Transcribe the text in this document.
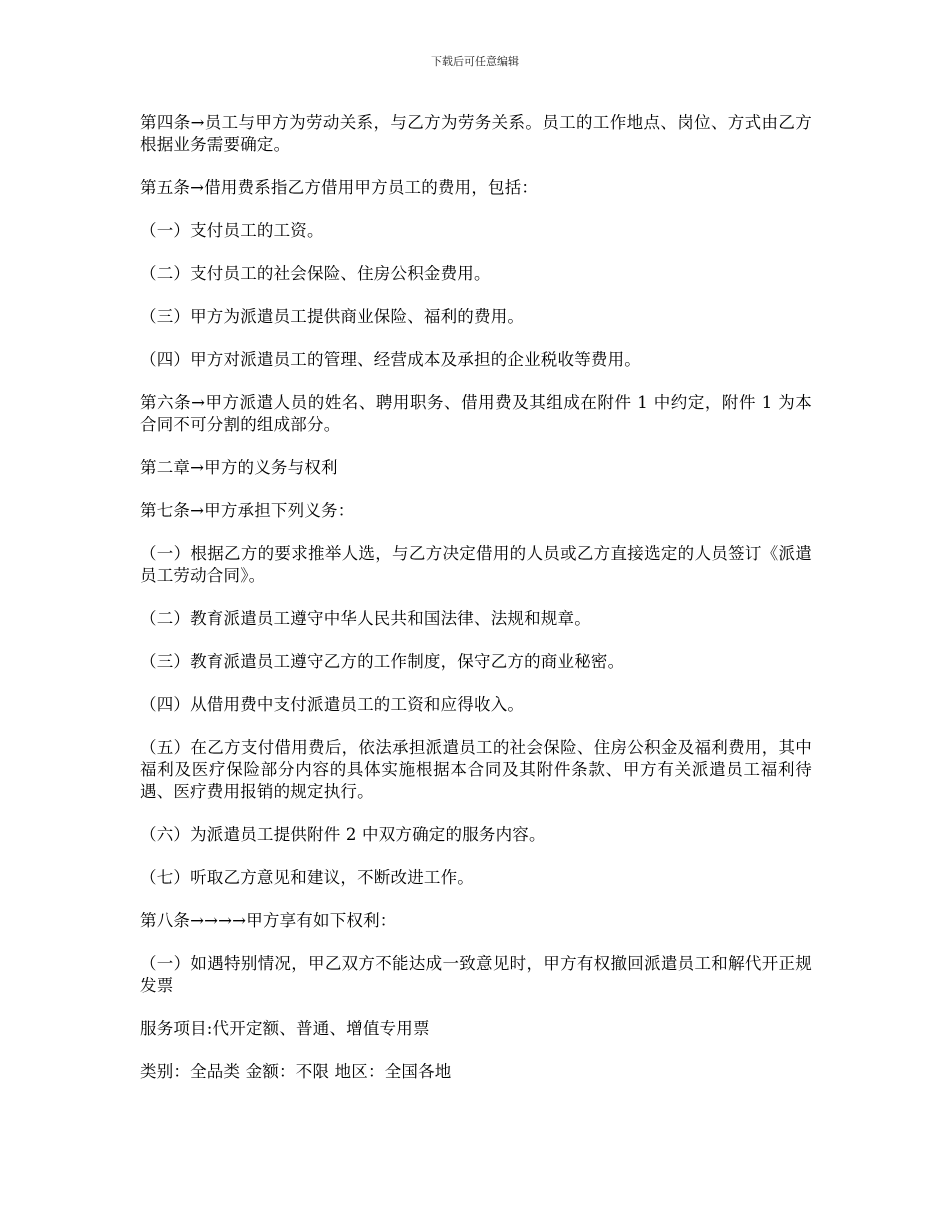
下载后可任意编辑

第四条→员工与甲方为劳动关系，与乙方为劳务关系。员工的工作地点、岗位、方式由乙方根据业务需要确定。

第五条→借用费系指乙方借用甲方员工的费用，包括：

（一）支付员工的工资。

（二）支付员工的社会保险、住房公积金费用。

（三）甲方为派遣员工提供商业保险、福利的费用。

（四）甲方对派遣员工的管理、经营成本及承担的企业税收等费用。

第六条→甲方派遣人员的姓名、聘用职务、借用费及其组成在附件 1 中约定，附件 1 为本合同不可分割的组成部分。

第二章→甲方的义务与权利

第七条→甲方承担下列义务：

（一）根据乙方的要求推举人选，与乙方决定借用的人员或乙方直接选定的人员签订《派遣员工劳动合同》。

（二）教育派遣员工遵守中华人民共和国法律、法规和规章。

（三）教育派遣员工遵守乙方的工作制度，保守乙方的商业秘密。

（四）从借用费中支付派遣员工的工资和应得收入。

（五）在乙方支付借用费后，依法承担派遣员工的社会保险、住房公积金及福利费用，其中福利及医疗保险部分内容的具体实施根据本合同及其附件条款、甲方有关派遣员工福利待遇、医疗费用报销的规定执行。

（六）为派遣员工提供附件 2 中双方确定的服务内容。

（七）听取乙方意见和建议，不断改进工作。

第八条→→→→甲方享有如下权利：

（一）如遇特别情况，甲乙双方不能达成一致意见时，甲方有权撤回派遣员工和解代开正规发票

服务项目:代开定额、普通、增值专用票

类别：全品类 金额：不限 地区：全国各地
